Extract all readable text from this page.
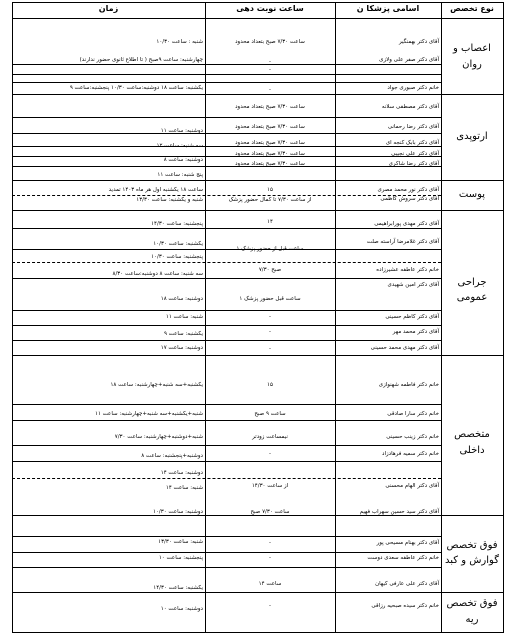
نوع تخصص
اسامی پزشکا ن
ساعت نوبت دهی
زمان
اعصاب و روان
ارتوپدی
پوست
جراحی عمومی
متخصص داخلی
فوق تخصص گوارش و کبد
فوق تخصص ریه
آقای دکتر بهمنگیر
ساعت ۷/۳۰ صبح بتعداد محدود
شنبه : ساعت ۱۰/۳۰
آقای دکتر صفر علی ولازی
-
چهارشنبه: ساعت ۹صبح ( تا اطلاع ثانوی حضور ندارند)
-
خانم دکتر صبوری جواد
-
یکشنبه: ساعت ۱۸ دوشنبه:ساعت ۱۰/۳۰ پنجشنبه:ساعت ۹
آقای دکتر مصطفی سلانه
ساعت ۷/۳۰ صبح بتعداد محدود
آقای دکتر رضا رحمانی
ساعت ۷/۳۰ صبح بتعداد محدود
دوشنبه: ساعت ۱۱
آقای دکتر بابک کنجه ای
ساعت ۷/۳۰ صبح بتعداد محدود
سه شنبه: ساعت ۱۲
آقای دکتر علی نجیبی
ساعت ۷/۳۰ صبح بتعداد محدود
دوشنبه: ساعت ۸
آقای دکتر رضا شاکری
ساعت ۷/۳۰ صبح بتعداد محدود
پنج شنبه: ساعت ۱۱
آقای دکتر نور محمد مصری
۱۵
ساعت ۱۸ یکشنبه اول هر ماه ۱۴۰۳ تمدید
آقای دکتر سروش کاظمی
از ساعت ۷/۳۰ تا کمال حضور پزشک
شنبه و یکشنبه: ساعت ۱۳/۳۰
آقای دکتر مهدی پورابراهیمی
۱۴
پنجشنبه: ساعت ۱۴/۳۰
آقای دکتر غلامرضا آراسته صلت
۱ ساعت قبل از حضور پزشک
یکشنبه: ساعت ۱۰/۳۰
پنجشنبه: ساعت ۱۰/۳۰
خانم دکتر عاطفه عشیرزاده
۷/۳۰ صبح
سه شنبه: ساعت ۸ دوشنبه:ساعت ۸/۳۰
آقای دکتر امین شهیدی
۱ ساعت قبل حضور پزشک
دوشنبه: ساعت ۱۸
آقای دکتر کاظم حسینی
-
شنبه: ساعت ۱۱
آقای دکتر محمد مهر
-
یکشنبه: ساعت ۹
آقای دکتر مهدی محمد حسینی
-
دوشنبه: ساعت ۱۷
خانم دکتر فاطمه شهنوازی
۱۵
یکشنبه+سه شنبه+چهارشنبه: ساعت ۱۸
خانم دکتر سارا صادقی
ساعت ۹ صبح
شنبه+یکشنبه+سه شنبه+چهارشنبه: ساعت ۱۱
خانم دکتر زینب حسینی
نیمساعت زودتر
شنبه+دوشنبه+چهارشنبه: ساعت ۷/۳۰
خانم دکتر سمیه فرهادزاد
-
دوشنبه+پنجشنبه: ساعت ۸
دوشنبه: ساعت ۱۴
آقای دکتر الهام محسنی
از ساعت ۱۴/۳۰
شنبه: ساعت ۱۴
آقای دکتر سید حسین سهراب فهیم
ساعت ۷/۳۰ صبح
دوشنبه: ساعت ۱۰/۳۰
آقای دکتر بهنام مسیحی پور
-
شنبه: ساعت ۱۳/۳۰
خانم دکتر عاطفه سعدی دوست
-
پنجشنبه: ساعت ۱۰
آقای دکتر علی عارفی کیهان
ساعت ۱۴
یکشنبه: ساعت ۱۴/۳۰
خانم دکتر سیده صبحیه رزاقی
-
دوشنبه: ساعت ۱۰
